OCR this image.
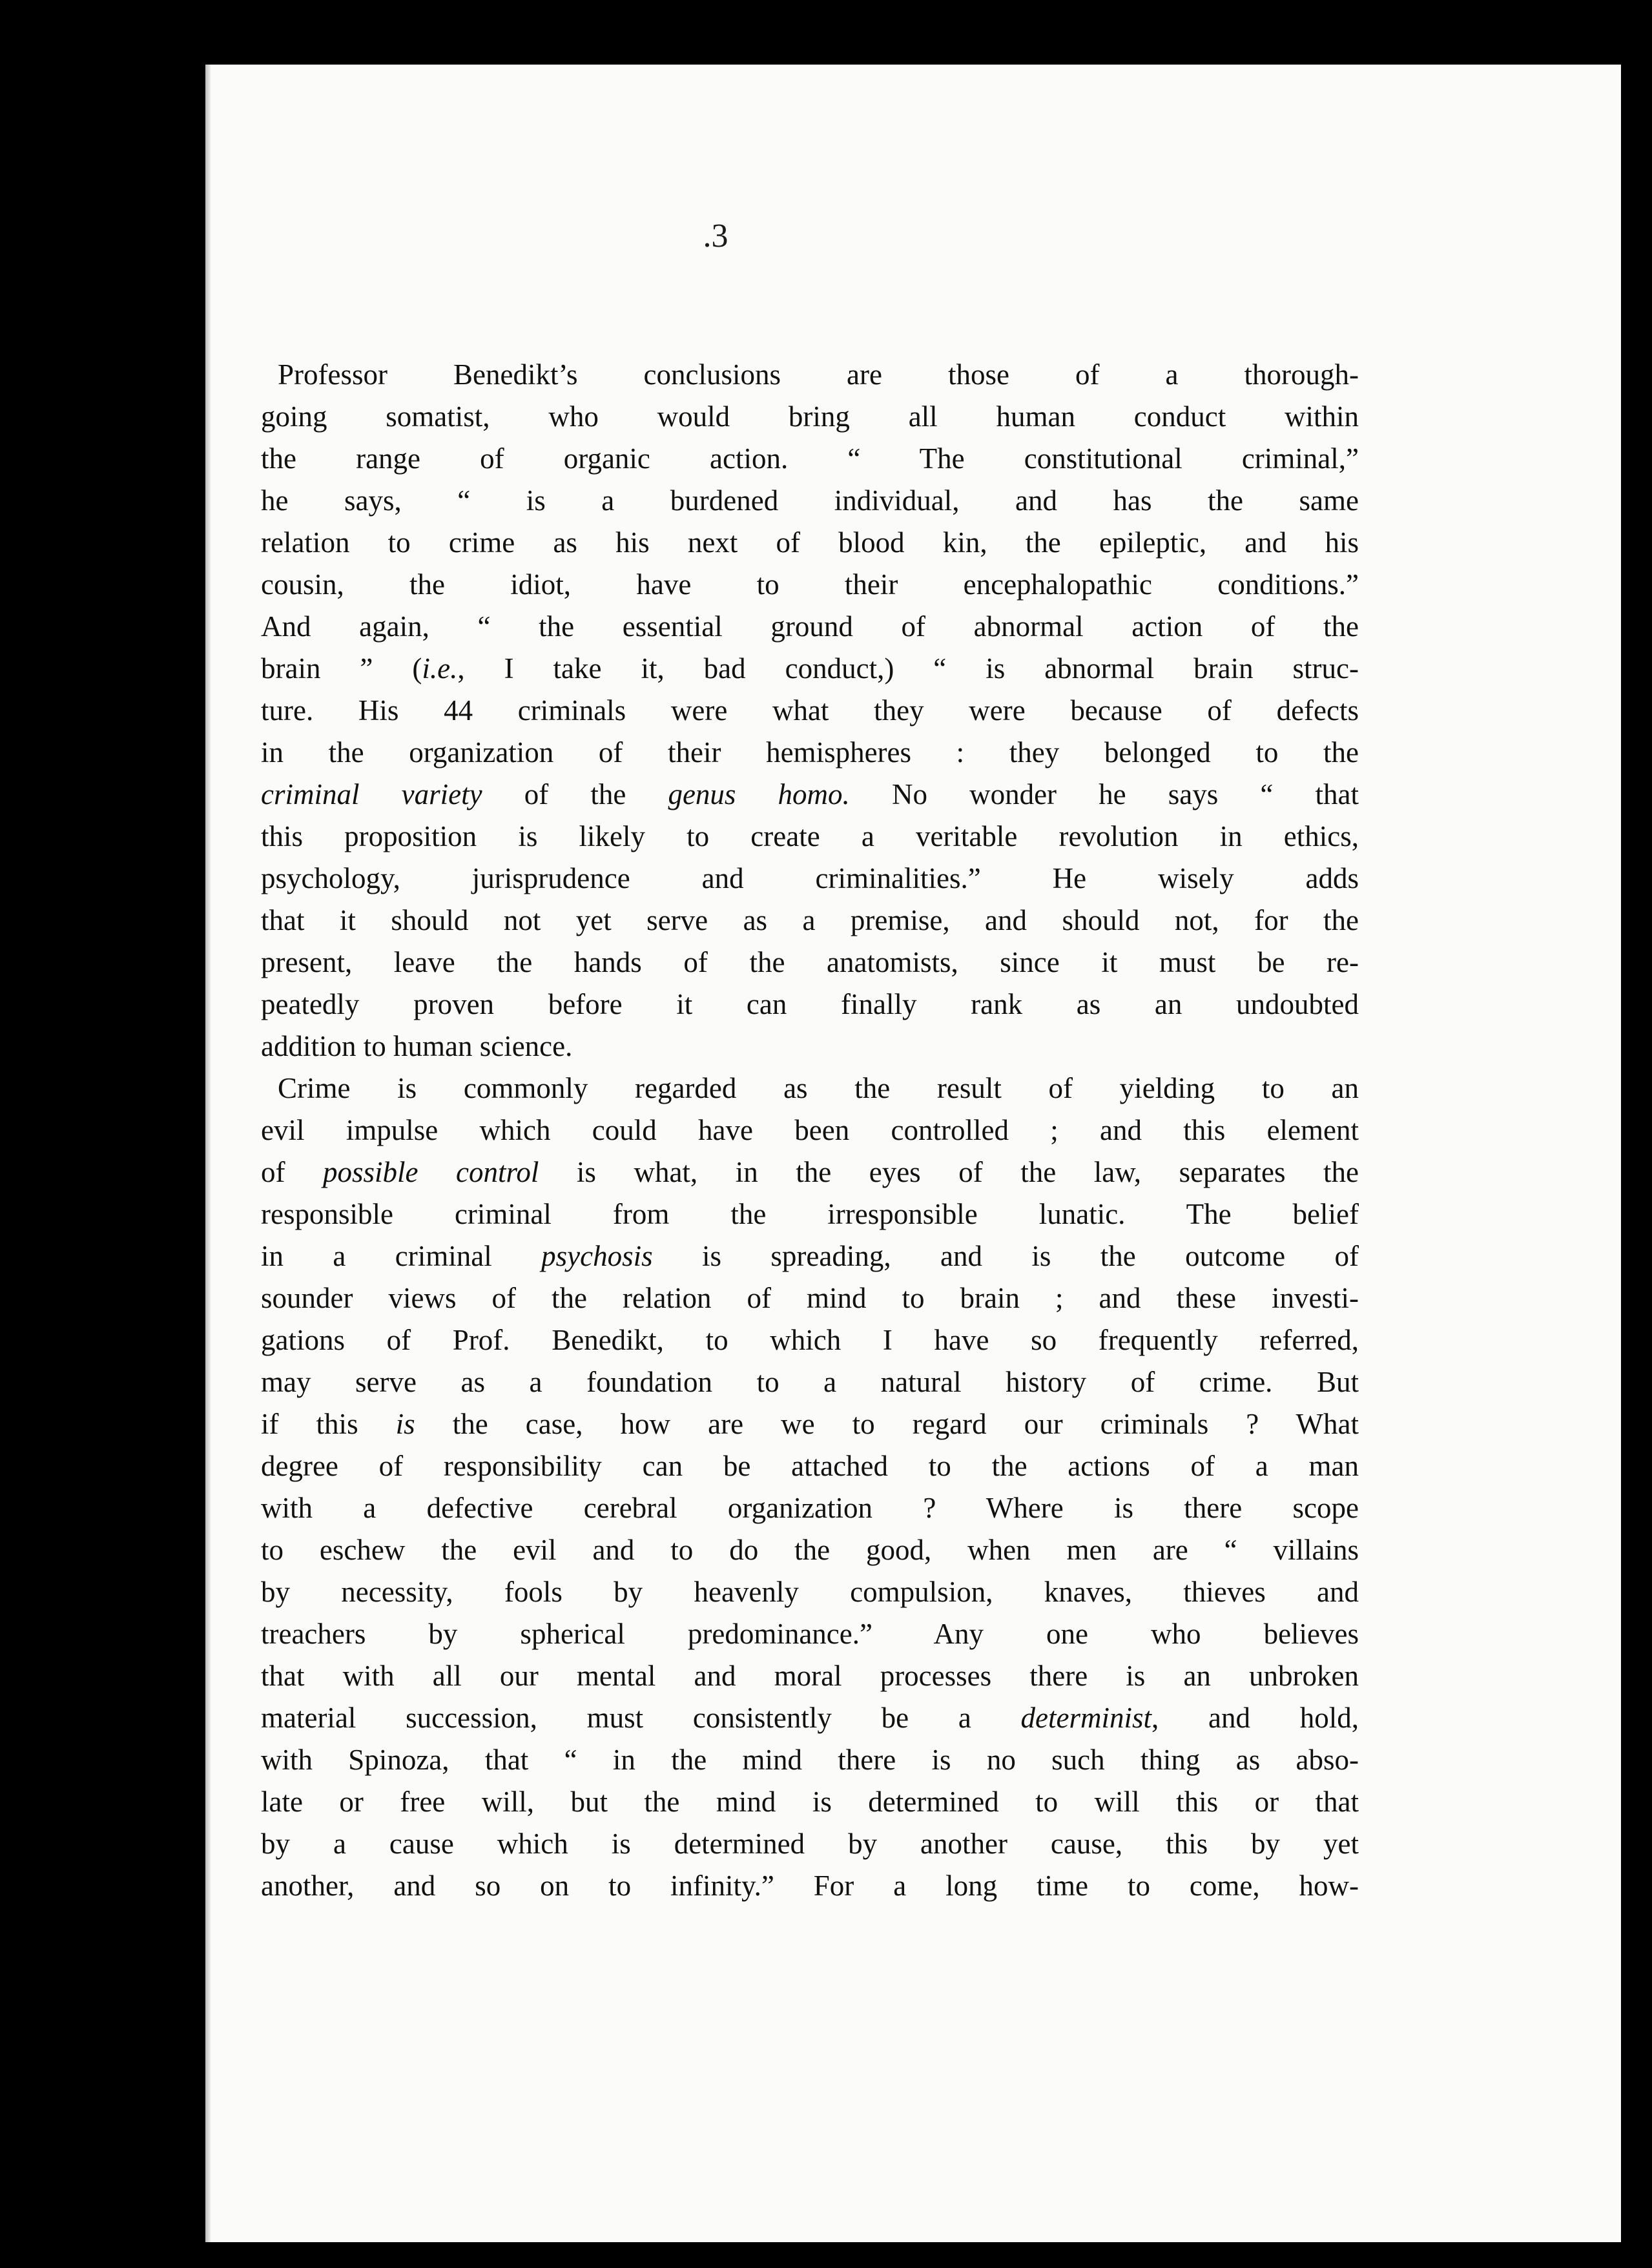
.3
Professor Benedikt’s conclusions are those of a thorough-
going somatist, who would bring all human conduct within
the range of organic action. “ The constitutional criminal,”
he says, “ is a burdened individual, and has the same
relation to crime as his next of blood kin, the epileptic, and his
cousin, the idiot, have to their encephalopathic conditions.”
And again, “ the essential ground of abnormal action of the
brain ” (i.e., I take it, bad conduct,) “ is abnormal brain struc-
ture. His 44 criminals were what they were because of defects
in the organization of their hemispheres : they belonged to the
criminal variety of the genus homo. No wonder he says “ that
this proposition is likely to create a veritable revolution in ethics,
psychology, jurisprudence and criminalities.” He wisely adds
that it should not yet serve as a premise, and should not, for the
present, leave the hands of the anatomists, since it must be re-
peatedly proven before it can finally rank as an undoubted
addition to human science.
Crime is commonly regarded as the result of yielding to an
evil impulse which could have been controlled ; and this element
of possible control is what, in the eyes of the law, separates the
responsible criminal from the irresponsible lunatic. The belief
in a criminal psychosis is spreading, and is the outcome of
sounder views of the relation of mind to brain ; and these investi-
gations of Prof. Benedikt, to which I have so frequently referred,
may serve as a foundation to a natural history of crime. But
if this is the case, how are we to regard our criminals ? What
degree of responsibility can be attached to the actions of a man
with a defective cerebral organization ? Where is there scope
to eschew the evil and to do the good, when men are “ villains
by necessity, fools by heavenly compulsion, knaves, thieves and
treachers by spherical predominance.” Any one who believes
that with all our mental and moral processes there is an unbroken
material succession, must consistently be a determinist, and hold,
with Spinoza, that “ in the mind there is no such thing as abso-
late or free will, but the mind is determined to will this or that
by a cause which is determined by another cause, this by yet
another, and so on to infinity.” For a long time to come, how-
